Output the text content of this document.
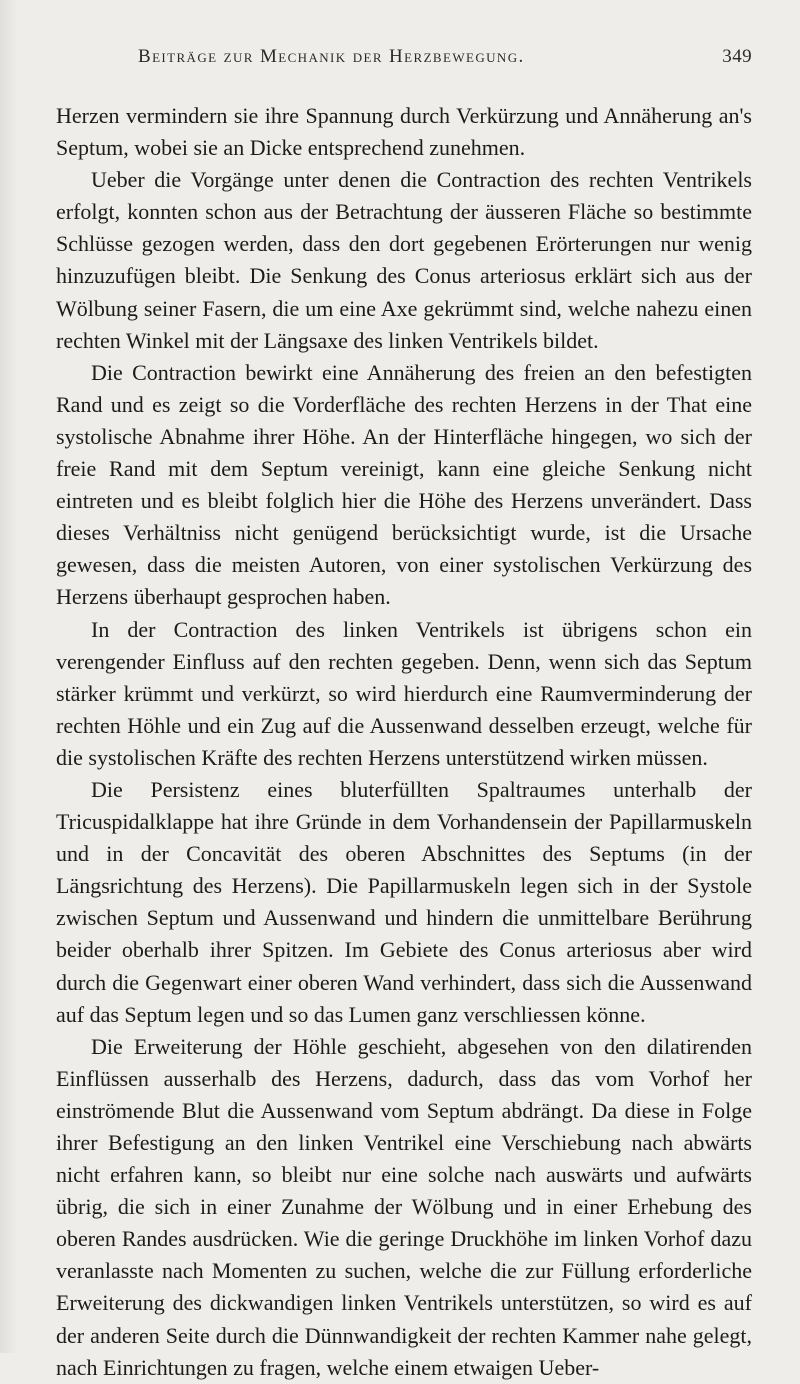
Beiträge zur Mechanik der Herzbewegung.	349

Herzen vermindern sie ihre Spannung durch Verkürzung und Annäherung an's Septum, wobei sie an Dicke entsprechend zunehmen.

Ueber die Vorgänge unter denen die Contraction des rechten Ventrikels erfolgt, konnten schon aus der Betrachtung der äusseren Fläche so bestimmte Schlüsse gezogen werden, dass den dort gegebenen Erörterungen nur wenig hinzuzufügen bleibt. Die Senkung des Conus arteriosus erklärt sich aus der Wölbung seiner Fasern, die um eine Axe gekrümmt sind, welche nahezu einen rechten Winkel mit der Längsaxe des linken Ventrikels bildet.

Die Contraction bewirkt eine Annäherung des freien an den befestigten Rand und es zeigt so die Vorderfläche des rechten Herzens in der That eine systolische Abnahme ihrer Höhe. An der Hinterfläche hingegen, wo sich der freie Rand mit dem Septum vereinigt, kann eine gleiche Senkung nicht eintreten und es bleibt folglich hier die Höhe des Herzens unverändert. Dass dieses Verhältniss nicht genügend berücksichtigt wurde, ist die Ursache gewesen, dass die meisten Autoren, von einer systolischen Verkürzung des Herzens überhaupt gesprochen haben.

In der Contraction des linken Ventrikels ist übrigens schon ein verengender Einfluss auf den rechten gegeben. Denn, wenn sich das Septum stärker krümmt und verkürzt, so wird hierdurch eine Raumverminderung der rechten Höhle und ein Zug auf die Aussenwand desselben erzeugt, welche für die systolischen Kräfte des rechten Herzens unterstützend wirken müssen.

Die Persistenz eines bluterfüllten Spaltraumes unterhalb der Tricuspidalklappe hat ihre Gründe in dem Vorhandensein der Papillarmuskeln und in der Concavität des oberen Abschnittes des Septums (in der Längsrichtung des Herzens). Die Papillarmuskeln legen sich in der Systole zwischen Septum und Aussenwand und hindern die unmittelbare Berührung beider oberhalb ihrer Spitzen. Im Gebiete des Conus arteriosus aber wird durch die Gegenwart einer oberen Wand verhindert, dass sich die Aussenwand auf das Septum legen und so das Lumen ganz verschliessen könne.

Die Erweiterung der Höhle geschieht, abgesehen von den dilatirenden Einflüssen ausserhalb des Herzens, dadurch, dass das vom Vorhof her einströmende Blut die Aussenwand vom Septum abdrängt. Da diese in Folge ihrer Befestigung an den linken Ventrikel eine Verschiebung nach abwärts nicht erfahren kann, so bleibt nur eine solche nach auswärts und aufwärts übrig, die sich in einer Zunahme der Wölbung und in einer Erhebung des oberen Randes ausdrücken. Wie die geringe Druckhöhe im linken Vorhof dazu veranlasste nach Momenten zu suchen, welche die zur Füllung erforderliche Erweiterung des dickwandigen linken Ventrikels unterstützen, so wird es auf der anderen Seite durch die Dünnwandigkeit der rechten Kammer nahe gelegt, nach Einrichtungen zu fragen, welche einem etwaigen Ueber-
